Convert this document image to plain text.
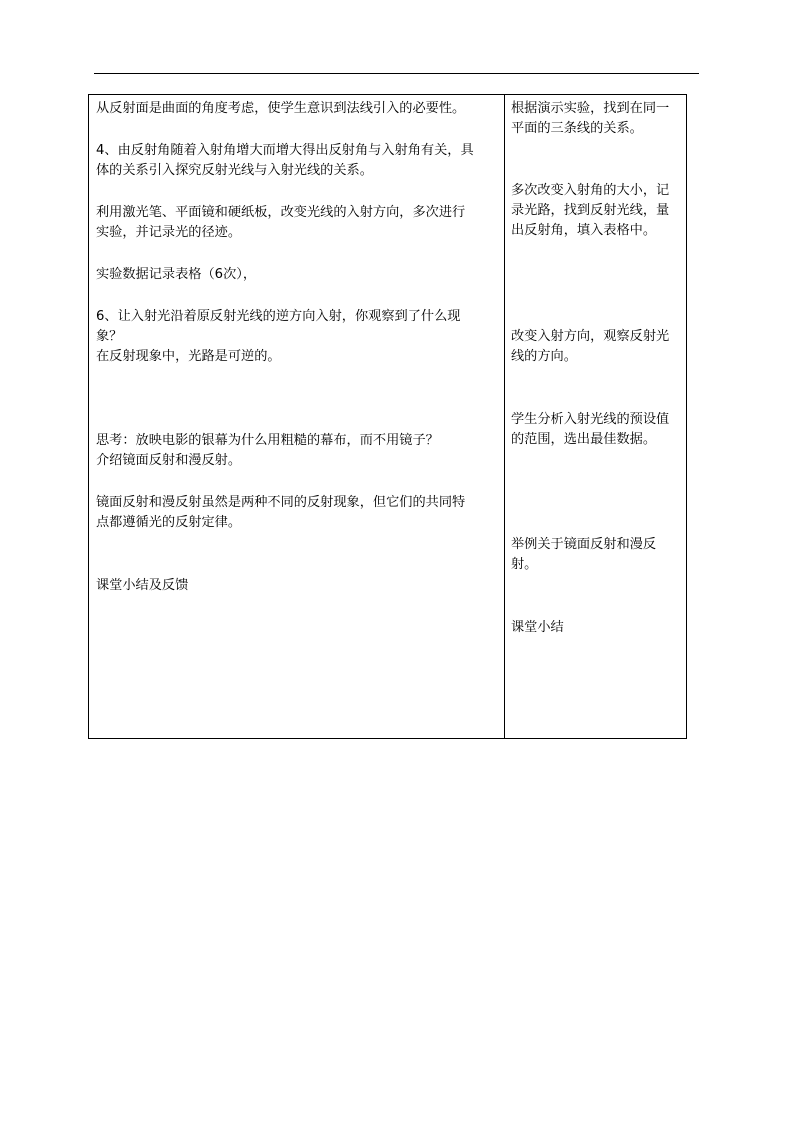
从反射面是曲面的角度考虑，使学生意识到法线引入的必要性。

4、由反射角随着入射角增大而增大得出反射角与入射角有关，具
体的关系引入探究反射光线与入射光线的关系。

利用激光笔、平面镜和硬纸板，改变光线的入射方向，多次进行
实验，并记录光的径迹。

实验数据记录表格（6次），

6、让入射光沿着原反射光线的逆方向入射，你观察到了什么现
象？
在反射现象中，光路是可逆的。

思考：放映电影的银幕为什么用粗糙的幕布，而不用镜子？
介绍镜面反射和漫反射。

镜面反射和漫反射虽然是两种不同的反射现象，但它们的共同特
点都遵循光的反射定律。

课堂小结及反馈

根据演示实验，找到在同一
平面的三条线的关系。

多次改变入射角的大小，记
录光路，找到反射光线，量
出反射角，填入表格中。

改变入射方向，观察反射光
线的方向。

学生分析入射光线的预设值
的范围，选出最佳数据。

举例关于镜面反射和漫反
射。

课堂小结
